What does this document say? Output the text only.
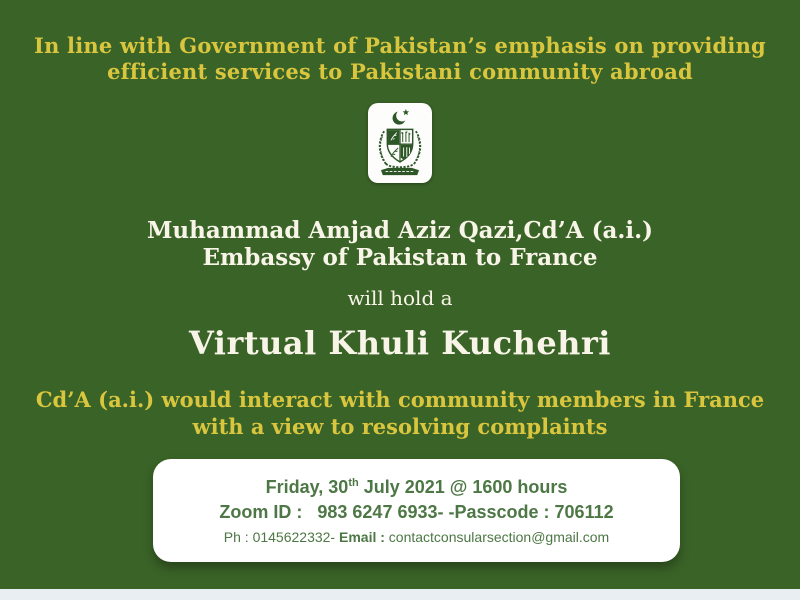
In line with Government of Pakistan’s emphasis on providing
efficient services to Pakistani community abroad
Muhammad Amjad Aziz Qazi,Cd’A (a.i.)
Embassy of Pakistan to France
will hold a
Virtual Khuli Kuchehri
Cd’A (a.i.) would interact with community members in France
with a view to resolving complaints
Friday, 30th July 2021 @ 1600 hours
Zoom ID :   983 6247 6933- -Passcode : 706112
Ph : 0145622332- Email : contactconsularsection@gmail.com
